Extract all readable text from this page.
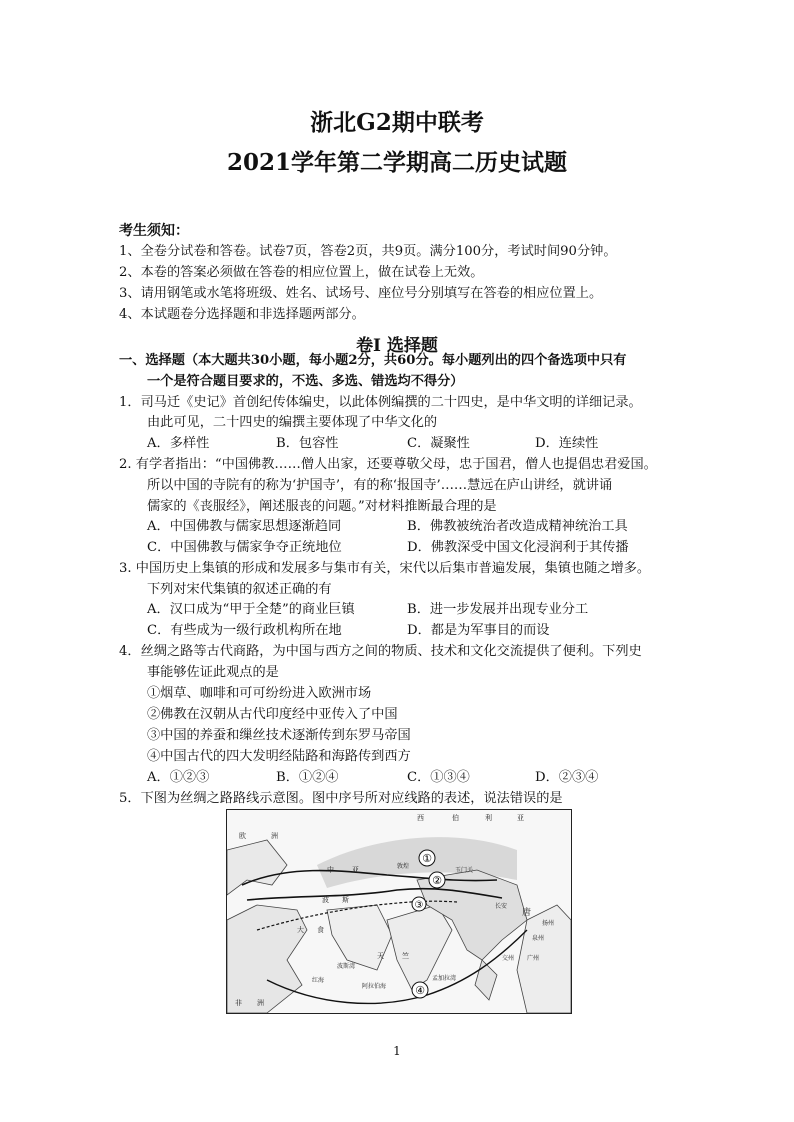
浙北G2期中联考
2021学年第二学期高二历史试题
考生须知：
1、全卷分试卷和答卷。试卷7页，答卷2页，共9页。满分100分，考试时间90分钟。
2、本卷的答案必须做在答卷的相应位置上，做在试卷上无效。
3、请用钢笔或水笔将班级、姓名、试场号、座位号分别填写在答卷的相应位置上。
4、本试题卷分选择题和非选择题两部分。
卷Ⅰ 选择题
一、选择题（本大题共30小题，每小题2分，共60分。每小题列出的四个备选项中只有
一个是符合题目要求的，不选、多选、错选均不得分）
1．司马迁《史记》首创纪传体编史，以此体例编撰的二十四史，是中华文明的详细记录。
由此可见，二十四史的编撰主要体现了中华文化的
A．多样性	B．包容性	C．凝聚性	D．连续性
2. 有学者指出：“中国佛教……僧人出家，还要尊敬父母，忠于国君，僧人也提倡忠君爱国。
所以中国的寺院有的称为‘护国寺’，有的称‘报国寺’……慧远在庐山讲经，就讲诵
儒家的《丧服经》，阐述服丧的问题。”对材料推断最合理的是
A．中国佛教与儒家思想逐渐趋同	B．佛教被统治者改造成精神统治工具
C．中国佛教与儒家争夺正统地位	D．佛教深受中国文化浸润利于其传播
3. 中国历史上集镇的形成和发展多与集市有关，宋代以后集市普遍发展，集镇也随之增多。
下列对宋代集镇的叙述正确的有
A．汉口成为“甲于全楚”的商业巨镇	B．进一步发展并出现专业分工
C．有些成为一级行政机构所在地	D．都是为军事目的而设
4．丝绸之路等古代商路，为中国与西方之间的物质、技术和文化交流提供了便利。下列史
事能够佐证此观点的是
①烟草、咖啡和可可纷纷进入欧洲市场
②佛教在汉朝从古代印度经中亚传入了中国
③中国的养蚕和缫丝技术逐渐传到东罗马帝国
④中国古代的四大发明经陆路和海路传到西方
A．①②③	B．①②④	C．①③④	D．②③④
5．下图为丝绸之路路线示意图。图中序号所对应线路的表述，说法错误的是
①
②
③
④
西	伯	利	亚
欧	洲
中	亚
天	竺
大 食
波 斯
唐
非 洲
长安
敦煌
玉门关
波斯湾
红海
阿拉伯海
孟加拉湾
泉州
广州
扬州
交州
1
